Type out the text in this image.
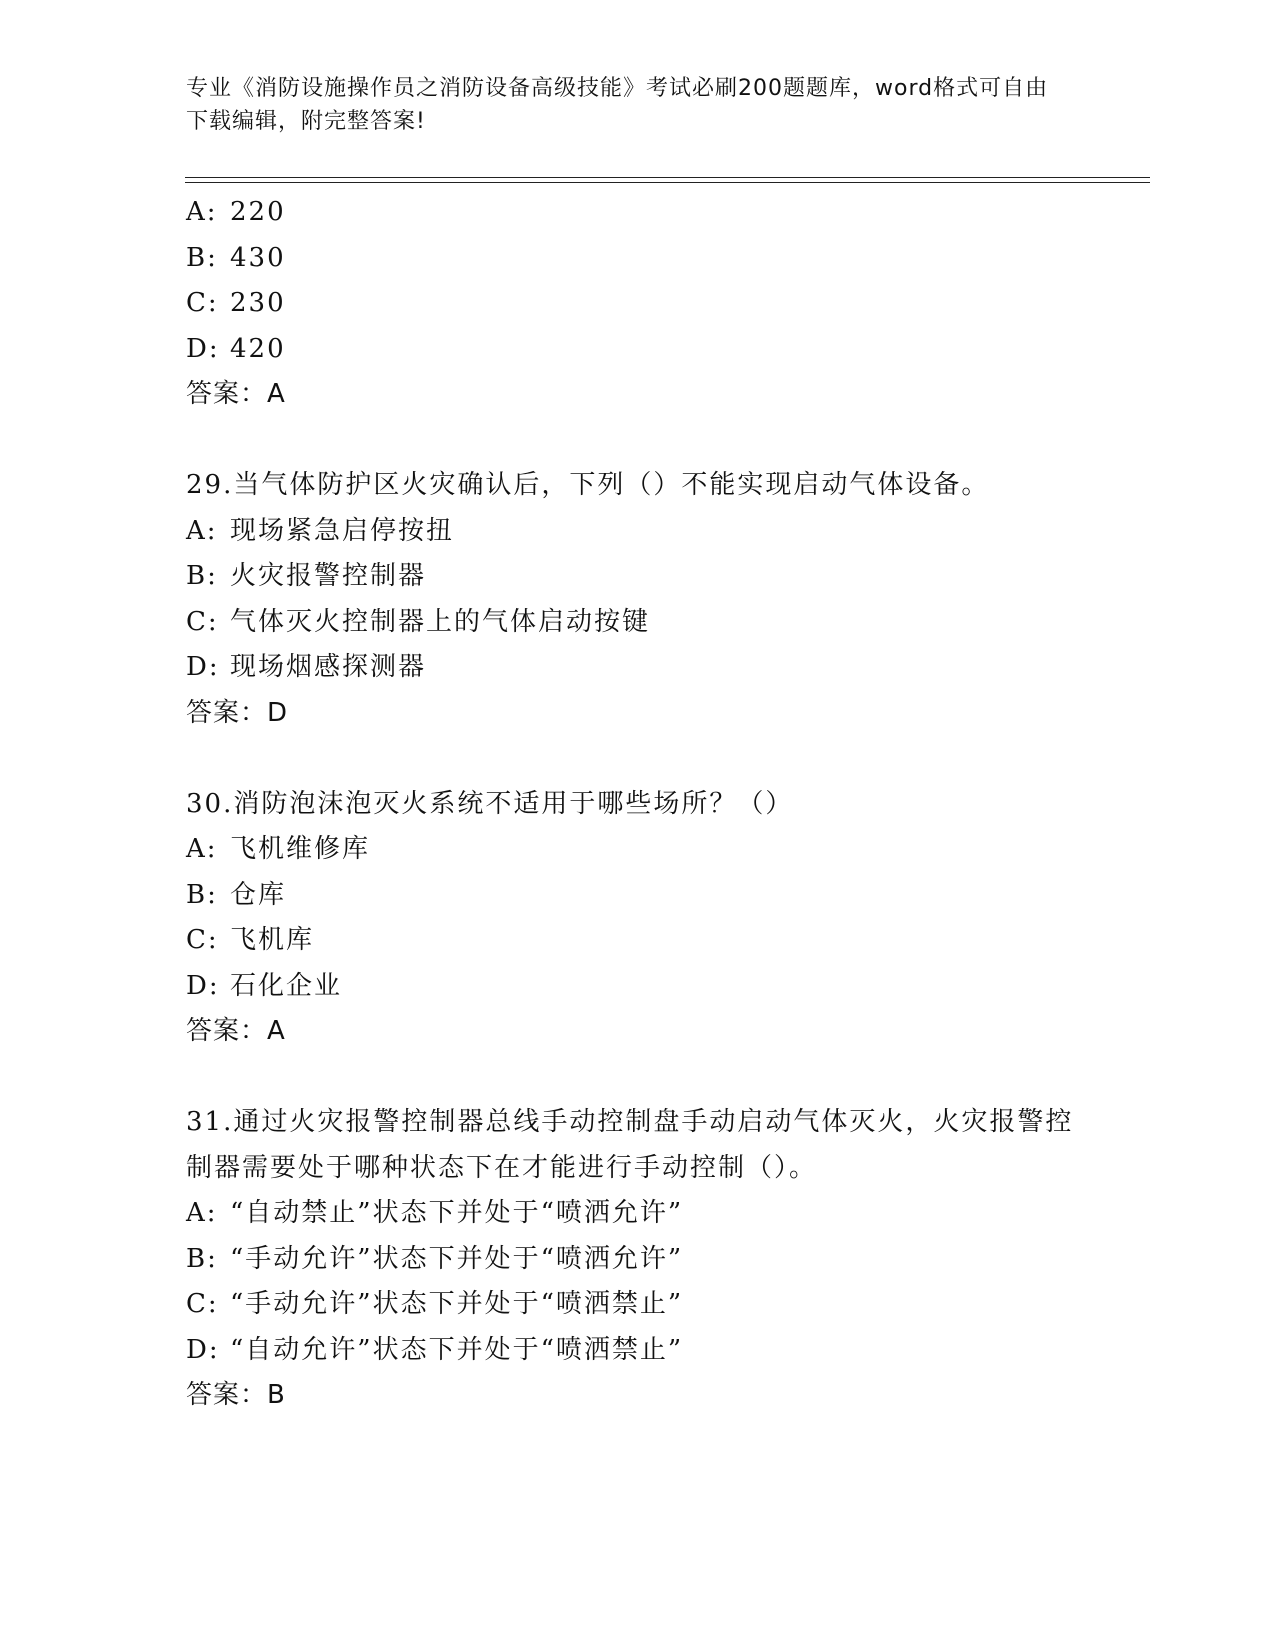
专业《消防设施操作员之消防设备高级技能》考试必刷200题题库，word格式可自由下载编辑，附完整答案!
A: 220
B: 430
C: 230
D: 420
答案：A
29.当气体防护区火灾确认后，下列（）不能实现启动气体设备。
A: 现场紧急启停按扭
B: 火灾报警控制器
C: 气体灭火控制器上的气体启动按键
D: 现场烟感探测器
答案：D
30.消防泡沫泡灭火系统不适用于哪些场所？（）
A: 飞机维修库
B: 仓库
C: 飞机库
D: 石化企业
答案：A
31.通过火灾报警控制器总线手动控制盘手动启动气体灭火，火灾报警控制器需要处于哪种状态下在才能进行手动控制（）。
A: “自动禁止”状态下并处于“喷洒允许”
B: “手动允许”状态下并处于“喷洒允许”
C: “手动允许”状态下并处于“喷洒禁止”
D: “自动允许”状态下并处于“喷洒禁止”
答案：B
